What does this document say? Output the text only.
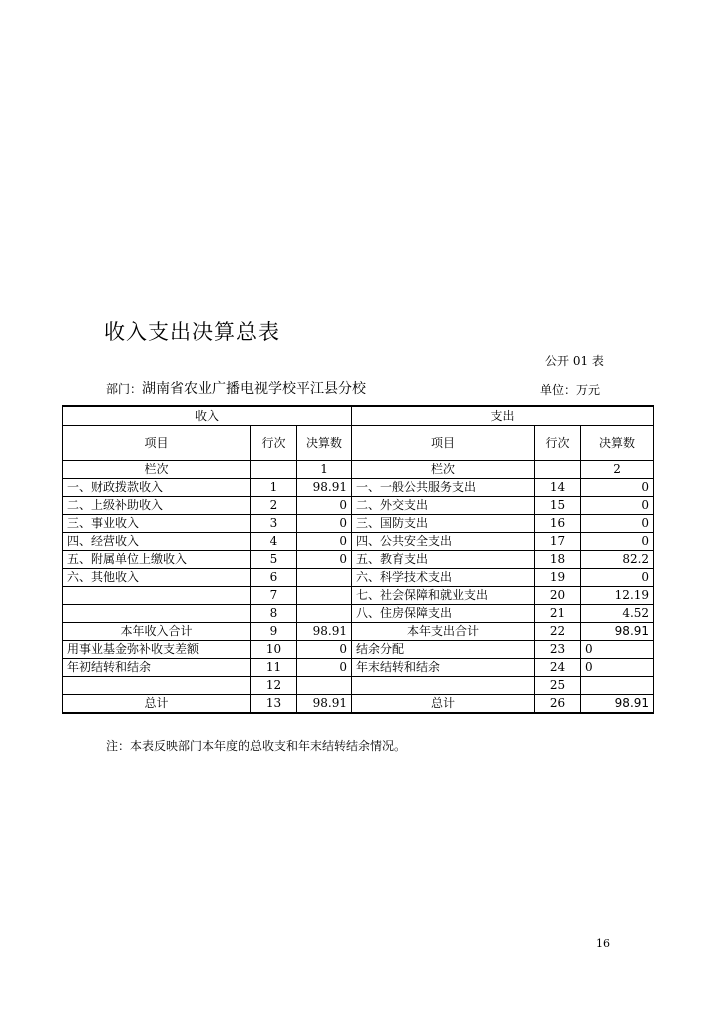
收入支出决算总表
公开 01 表
部门：湖南省农业广播电视学校平江县分校	单位：万元
收入			支出		
项目	行次	决算数	项目	行次	决算数
栏次		1	栏次		2
一、财政拨款收入	1	98.91	一、一般公共服务支出	14	0
二、上级补助收入	2	0	二、外交支出	15	0
三、事业收入	3	0	三、国防支出	16	0
四、经营收入	4	0	四、公共安全支出	17	0
五、附属单位上缴收入	5	0	五、教育支出	18	82.2
六、其他收入	6		六、科学技术支出	19	0
	7		七、社会保障和就业支出	20	12.19
	8		八、住房保障支出	21	4.52
本年收入合计	9	98.91	本年支出合计	22	98.91
用事业基金弥补收支差额	10	0	结余分配	23	0
年初结转和结余	11	0	年末结转和结余	24	0
	12			25	
总计	13	98.91	总计	26	98.91
注：本表反映部门本年度的总收支和年末结转结余情况。
16
